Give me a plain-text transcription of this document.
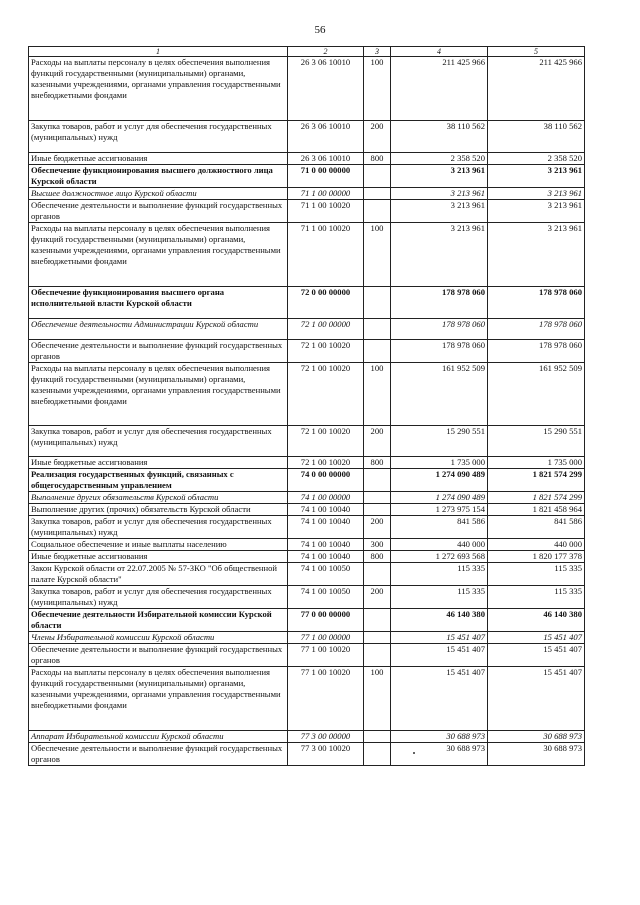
56
1	2	3	4	5
Расходы на выплаты персоналу в целях обеспечения выполнения функций государственными (муниципальными) органами, казенными учреждениями, органами управления государственными внебюджетными фондами	26 3 06 10010	100	211 425 966	211 425 966
Закупка товаров, работ и услуг для обеспечения государственных (муниципальных) нужд	26 3 06 10010	200	38 110 562	38 110 562
Иные бюджетные ассигнования	26 3 06 10010	800	2 358 520	2 358 520
Обеспечение функционирования высшего должностного лица Курской области	71 0 00 00000		3 213 961	3 213 961
Высшее должностное лицо Курской области	71 1 00 00000		3 213 961	3 213 961
Обеспечение деятельности и выполнение функций государственных органов	71 1 00 10020		3 213 961	3 213 961
Расходы на выплаты персоналу в целях обеспечения выполнения функций государственными (муниципальными) органами, казенными учреждениями, органами управления государственными внебюджетными фондами	71 1 00 10020	100	3 213 961	3 213 961
Обеспечение функционирования высшего органа исполнительной власти Курской области	72 0 00 00000		178 978 060	178 978 060
Обеспечение деятельности Администрации Курской области	72 1 00 00000		178 978 060	178 978 060
Обеспечение деятельности и выполнение функций государственных органов	72 1 00 10020		178 978 060	178 978 060
Расходы на выплаты персоналу в целях обеспечения выполнения функций государственными (муниципальными) органами, казенными учреждениями, органами управления государственными внебюджетными фондами	72 1 00 10020	100	161 952 509	161 952 509
Закупка товаров, работ и услуг для обеспечения государственных (муниципальных) нужд	72 1 00 10020	200	15 290 551	15 290 551
Иные бюджетные ассигнования	72 1 00 10020	800	1 735 000	1 735 000
Реализация государственных функций, связанных с общегосударственным управлением	74 0 00 00000		1 274 090 489	1 821 574 299
Выполнение других обязательств Курской области	74 1 00 00000		1 274 090 489	1 821 574 299
Выполнение других (прочих) обязательств Курской области	74 1 00 10040		1 273 975 154	1 821 458 964
Закупка товаров, работ и услуг для обеспечения государственных (муниципальных) нужд	74 1 00 10040	200	841 586	841 586
Социальное обеспечение и иные выплаты населению	74 1 00 10040	300	440 000	440 000
Иные бюджетные ассигнования	74 1 00 10040	800	1 272 693 568	1 820 177 378
Закон Курской области от 22.07.2005 № 57-ЗКО "Об общественной палате Курской области"	74 1 00 10050		115 335	115 335
Закупка товаров, работ и услуг для обеспечения государственных (муниципальных) нужд	74 1 00 10050	200	115 335	115 335
Обеспечение деятельности Избирательной комиссии Курской области	77 0 00 00000		46 140 380	46 140 380
Члены Избирательной комиссии Курской области	77 1 00 00000		15 451 407	15 451 407
Обеспечение деятельности и выполнение функций государственных органов	77 1 00 10020		15 451 407	15 451 407
Расходы на выплаты персоналу в целях обеспечения выполнения функций государственными (муниципальными) органами, казенными учреждениями, органами управления государственными внебюджетными фондами	77 1 00 10020	100	15 451 407	15 451 407
Аппарат Избирательной комиссии Курской области	77 3 00 00000		30 688 973	30 688 973
Обеспечение деятельности и выполнение функций государственных органов	77 3 00 10020		30 688 973	30 688 973
